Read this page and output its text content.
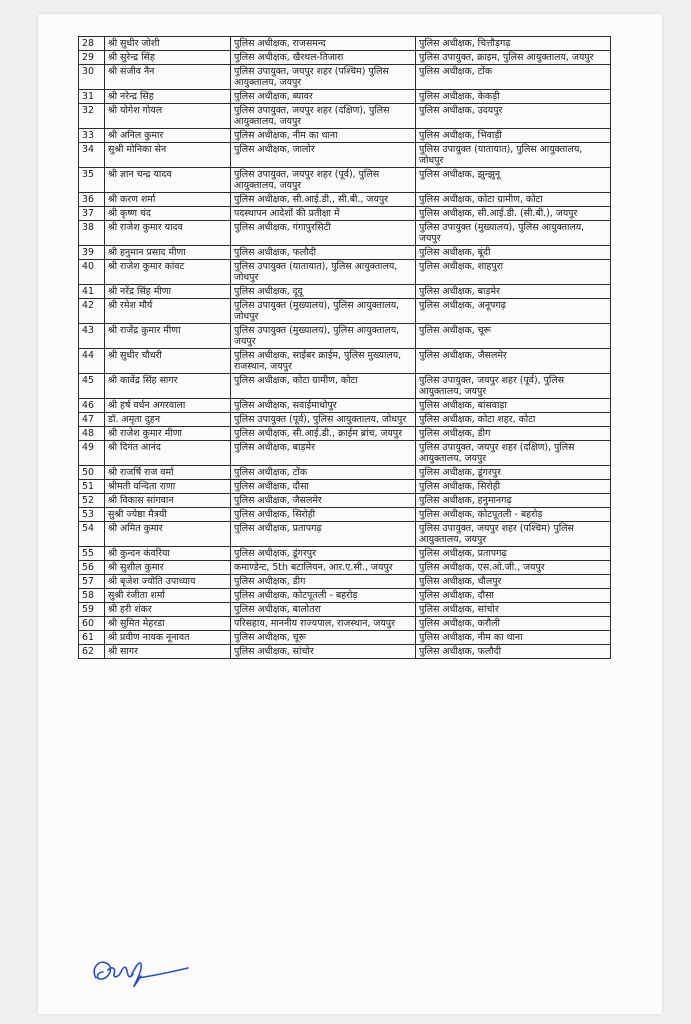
28	श्री सुधीर जोशी	पुलिस अधीक्षक, राजसमन्द	पुलिस अधीक्षक, चित्तौड़गढ़
29	श्री सुरेन्द्र सिंह	पुलिस अधीक्षक, खैरथल-तिजारा	पुलिस उपायुक्त, क्राइम, पुलिस आयुक्तालय, जयपुर
30	श्री संजीव नैन	पुलिस उपायुक्त, जयपुर शहर (पश्चिम) पुलिस आयुक्तालय, जयपुर	पुलिस अधीक्षक, टोंक
31	श्री नरेन्द्र सिंह	पुलिस अधीक्षक, ब्यावर	पुलिस अधीक्षक, केकड़ी
32	श्री योगेश गोयल	पुलिस उपायुक्त, जयपुर शहर (दक्षिण), पुलिस आयुक्तालय, जयपुर	पुलिस अधीक्षक, उदयपुर
33	श्री अनिल कुमार	पुलिस अधीक्षक, नीम का थाना	पुलिस अधीक्षक, भिवाड़ी
34	सुश्री मोनिका सेन	पुलिस अधीक्षक, जालोर	पुलिस उपायुक्त (यातायात), पुलिस आयुक्तालय, जोधपुर
35	श्री ज्ञान चन्द्र यादव	पुलिस उपायुक्त, जयपुर शहर (पूर्व), पुलिस आयुक्तालय, जयपुर	पुलिस अधीक्षक, झुन्झुनू
36	श्री करण शर्मा	पुलिस अधीक्षक, सी.आई.डी., सी.बी., जयपुर	पुलिस अधीक्षक, कोटा ग्रामीण, कोटा
37	श्री कृष्ण चंद	पदस्थापन आदेशों की प्रतीक्षा में	पुलिस अधीक्षक, सी.आई.डी. (सी.बी.), जयपुर
38	श्री राजेश कुमार यादव	पुलिस अधीक्षक, गंगापुरसिटी	पुलिस उपायुक्त (मुख्यालय), पुलिस आयुक्तालय, जयपुर
39	श्री हनुमान प्रसाद मीणा	पुलिस अधीक्षक, फलौदी	पुलिस अधीक्षक, बूंदी
40	श्री राजेश कुमार कांवट	पुलिस उपायुक्त (यातायात), पुलिस आयुक्तालय, जोधपुर	पुलिस अधीक्षक, शाहपुरा
41	श्री नरेंद्र सिंह मीणा	पुलिस अधीक्षक, दूदू	पुलिस अधीक्षक, बाड़मेर
42	श्री रमेश मौर्य	पुलिस उपायुक्त (मुख्यालय), पुलिस आयुक्तालय, जोधपुर	पुलिस अधीक्षक, अनूपगढ़
43	श्री राजेंद्र कुमार मीणा	पुलिस उपायुक्त (मुख्यालय), पुलिस आयुक्तालय, जयपुर	पुलिस अधीक्षक, चूरू
44	श्री सुधीर चौधरी	पुलिस अधीक्षक, साईबर क्राईम, पुलिस मुख्यालय, राजस्थान, जयपुर	पुलिस अधीक्षक, जैसलमेर
45	श्री कावेंद्र सिंह सागर	पुलिस अधीक्षक, कोटा ग्रामीण, कोटा	पुलिस उपायुक्त, जयपुर शहर (पूर्व), पुलिस आयुक्तालय, जयपुर
46	श्री हर्ष वर्धन अगरवाला	पुलिस अधीक्षक, सवाईमाधोपुर	पुलिस अधीक्षक, बांसवाड़ा
47	डॉ. अमृता दुहन	पुलिस उपायुक्त (पूर्व), पुलिस आयुक्तालय, जोधपुर	पुलिस अधीक्षक, कोटा शहर, कोटा
48	श्री राजेश कुमार मीणा	पुलिस अधीक्षक, सी.आई.डी., क्राईम ब्रांच, जयपुर	पुलिस अधीक्षक, डीग
49	श्री दिगंत आनंद	पुलिस अधीक्षक, बाड़मेर	पुलिस उपायुक्त, जयपुर शहर (दक्षिण), पुलिस आयुक्तालय, जयपुर
50	श्री राजर्षि राज वर्मा	पुलिस अधीक्षक, टोंक	पुलिस अधीक्षक, डूंगरपुर
51	श्रीमती वन्दिता राणा	पुलिस अधीक्षक, दौसा	पुलिस अधीक्षक, सिरोही
52	श्री विकास सांगवान	पुलिस अधीक्षक, जैसलमेर	पुलिस अधीक्षक, हनुमानगढ़
53	सुश्री ज्येष्ठा मैत्रयी	पुलिस अधीक्षक, सिरोही	पुलिस अधीक्षक, कोटपूतली - बहरोड़
54	श्री अमित कुमार	पुलिस अधीक्षक, प्रतापगढ़	पुलिस उपायुक्त, जयपुर शहर (पश्चिम) पुलिस आयुक्तालय, जयपुर
55	श्री कुन्दन कंवरिया	पुलिस अधीक्षक, डूंगरपुर	पुलिस अधीक्षक, प्रतापगढ़
56	श्री सुशील कुमार	कमाण्डेन्ट, 5th बटालियन, आर.ए.सी., जयपुर	पुलिस अधीक्षक, एस.ओ.जी., जयपुर
57	श्री बृजेश ज्योति उपाध्याय	पुलिस अधीक्षक, डीग	पुलिस अधीक्षक, धौलपुर
58	सुश्री रंजीता शर्मा	पुलिस अधीक्षक, कोटपूतली - बहरोड़	पुलिस अधीक्षक, दौसा
59	श्री हरी शंकर	पुलिस अधीक्षक, बालोतरा	पुलिस अधीक्षक, सांचोर
60	श्री सुमित मेहरडा	परिसहाय, माननीय राज्यपाल, राजस्थान, जयपुर	पुलिस अधीक्षक, करौली
61	श्री प्रवीण नायक नूनावत	पुलिस अधीक्षक, चूरू	पुलिस अधीक्षक, नीम का थाना
62	श्री सागर	पुलिस अधीक्षक, सांचोर	पुलिस अधीक्षक, फलौदी
